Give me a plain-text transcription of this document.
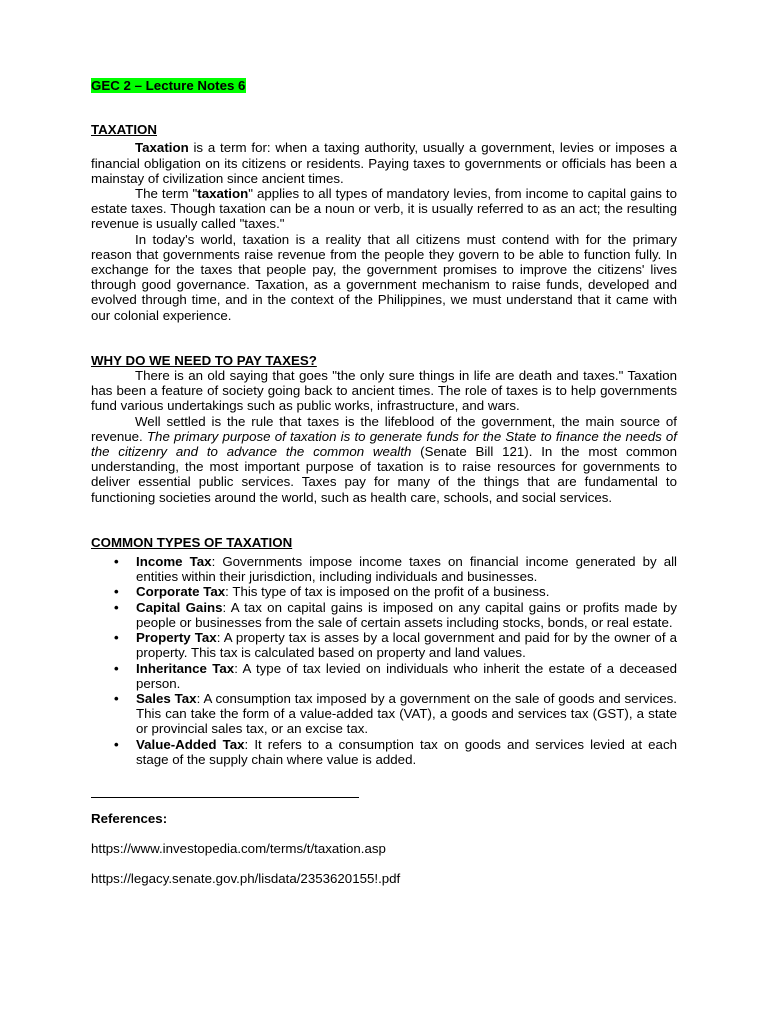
GEC 2 – Lecture Notes 6
TAXATION

Taxation is a term for: when a taxing authority, usually a government, levies or imposes a financial obligation on its citizens or residents. Paying taxes to governments or officials has been a mainstay of civilization since ancient times.

The term "taxation" applies to all types of mandatory levies, from income to capital gains to estate taxes. Though taxation can be a noun or verb, it is usually referred to as an act; the resulting revenue is usually called "taxes."

In today's world, taxation is a reality that all citizens must contend with for the primary reason that governments raise revenue from the people they govern to be able to function fully. In exchange for the taxes that people pay, the government promises to improve the citizens' lives through good governance. Taxation, as a government mechanism to raise funds, developed and evolved through time, and in the context of the Philippines, we must understand that it came with our colonial experience.

WHY DO WE NEED TO PAY TAXES?

There is an old saying that goes "the only sure things in life are death and taxes." Taxation has been a feature of society going back to ancient times. The role of taxes is to help governments fund various undertakings such as public works, infrastructure, and wars.

Well settled is the rule that taxes is the lifeblood of the government, the main source of revenue. The primary purpose of taxation is to generate funds for the State to finance the needs of the citizenry and to advance the common wealth (Senate Bill 121). In the most common understanding, the most important purpose of taxation is to raise resources for governments to deliver essential public services. Taxes pay for many of the things that are fundamental to functioning societies around the world, such as health care, schools, and social services.

COMMON TYPES OF TAXATION
• Income Tax: Governments impose income taxes on financial income generated by all entities within their jurisdiction, including individuals and businesses.
• Corporate Tax: This type of tax is imposed on the profit of a business.
• Capital Gains: A tax on capital gains is imposed on any capital gains or profits made by people or businesses from the sale of certain assets including stocks, bonds, or real estate.
• Property Tax: A property tax is asses by a local government and paid for by the owner of a property. This tax is calculated based on property and land values.
• Inheritance Tax: A type of tax levied on individuals who inherit the estate of a deceased person.
• Sales Tax: A consumption tax imposed by a government on the sale of goods and services. This can take the form of a value-added tax (VAT), a goods and services tax (GST), a state or provincial sales tax, or an excise tax.
• Value-Added Tax: It refers to a consumption tax on goods and services levied at each stage of the supply chain where value is added.
References:
https://www.investopedia.com/terms/t/taxation.asp
https://legacy.senate.gov.ph/lisdata/2353620155!.pdf
